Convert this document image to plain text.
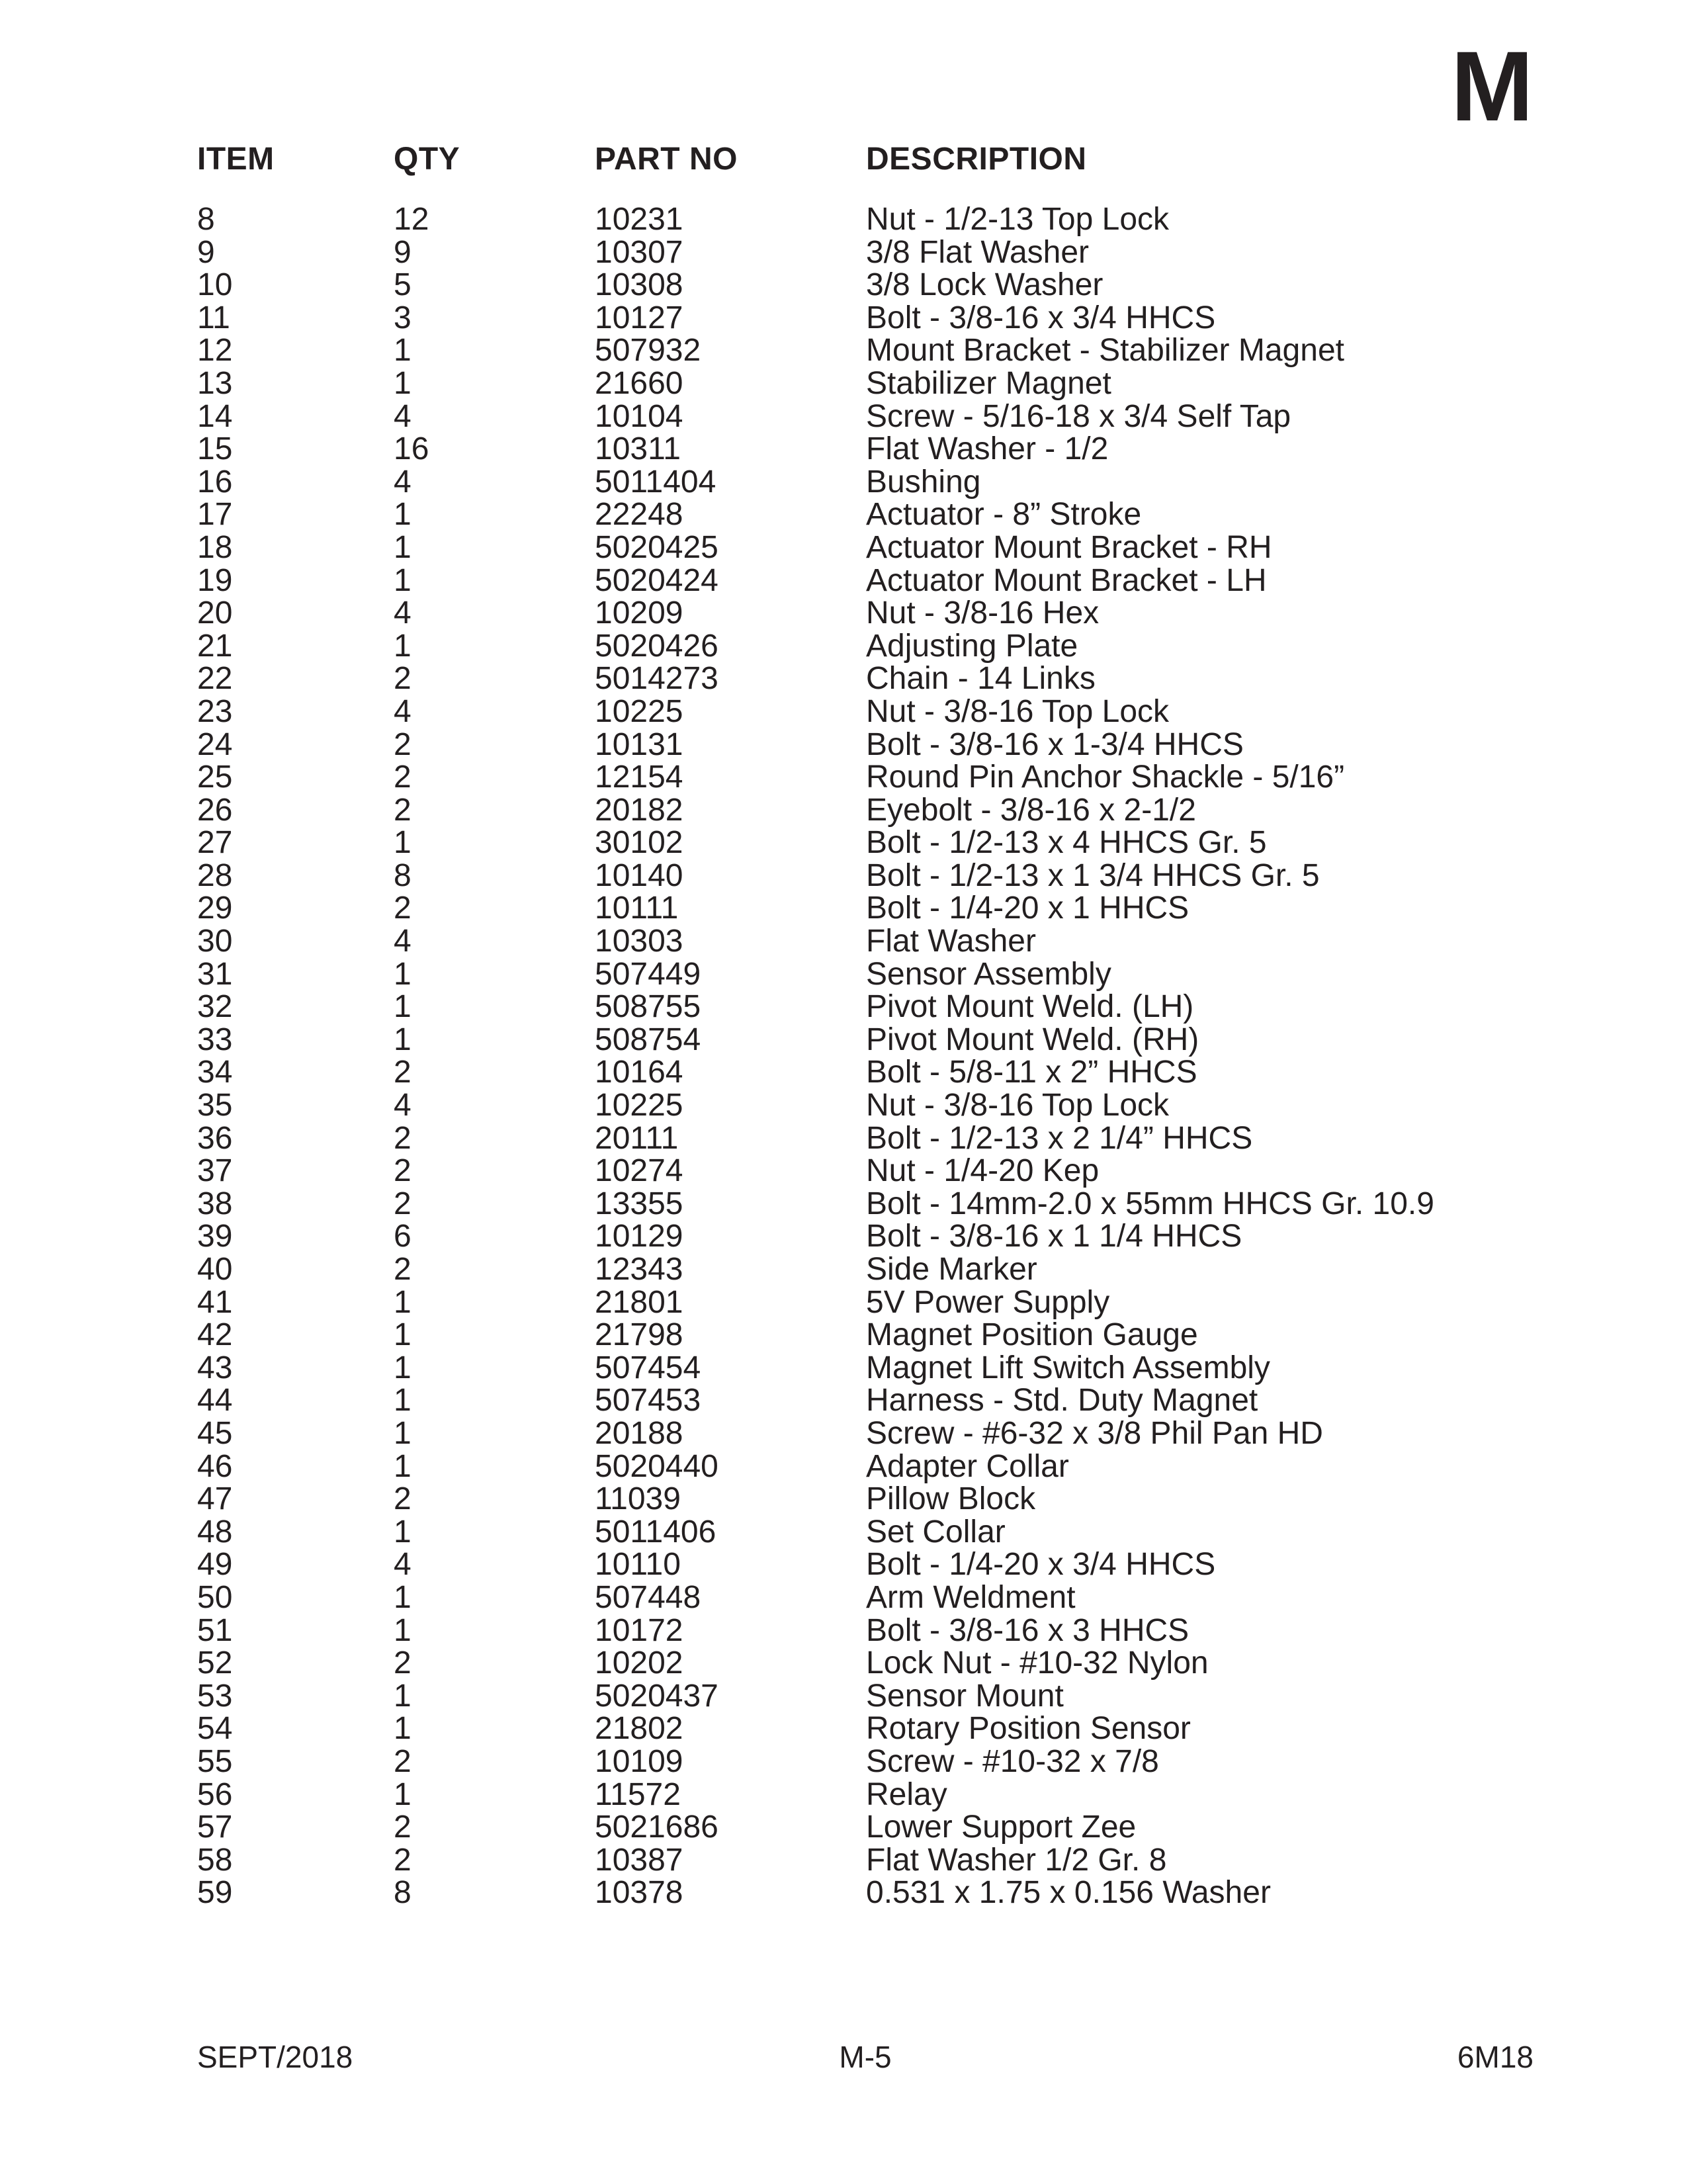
M
ITEM	QTY	PART NO	DESCRIPTION
8	12	10231	Nut - 1/2-13 Top Lock
9	9	10307	3/8 Flat Washer
10	5	10308	3/8 Lock Washer
11	3	10127	Bolt - 3/8-16 x 3/4 HHCS
12	1	507932	Mount Bracket - Stabilizer Magnet
13	1	21660	Stabilizer Magnet
14	4	10104	Screw - 5/16-18 x 3/4 Self Tap
15	16	10311	Flat Washer - 1/2
16	4	5011404	Bushing
17	1	22248	Actuator - 8” Stroke
18	1	5020425	Actuator Mount Bracket - RH
19	1	5020424	Actuator Mount Bracket - LH
20	4	10209	Nut - 3/8-16 Hex
21	1	5020426	Adjusting Plate
22	2	5014273	Chain - 14 Links
23	4	10225	Nut - 3/8-16 Top Lock
24	2	10131	Bolt - 3/8-16 x 1-3/4 HHCS
25	2	12154	Round Pin Anchor Shackle - 5/16”
26	2	20182	Eyebolt - 3/8-16 x 2-1/2
27	1	30102	Bolt - 1/2-13 x 4 HHCS Gr. 5
28	8	10140	Bolt - 1/2-13 x 1 3/4 HHCS Gr. 5
29	2	10111	Bolt - 1/4-20 x 1 HHCS
30	4	10303	Flat Washer
31	1	507449	Sensor Assembly
32	1	508755	Pivot Mount Weld. (LH)
33	1	508754	Pivot Mount Weld. (RH)
34	2	10164	Bolt - 5/8-11 x 2” HHCS
35	4	10225	Nut - 3/8-16 Top Lock
36	2	20111	Bolt - 1/2-13 x 2 1/4” HHCS
37	2	10274	Nut - 1/4-20 Kep
38	2	13355	Bolt - 14mm-2.0 x 55mm HHCS Gr. 10.9
39	6	10129	Bolt - 3/8-16 x 1 1/4 HHCS
40	2	12343	Side Marker
41	1	21801	5V Power Supply
42	1	21798	Magnet Position Gauge
43	1	507454	Magnet Lift Switch Assembly
44	1	507453	Harness - Std. Duty Magnet
45	1	20188	Screw - #6-32 x 3/8 Phil Pan HD
46	1	5020440	Adapter Collar
47	2	11039	Pillow Block
48	1	5011406	Set Collar
49	4	10110	Bolt - 1/4-20 x 3/4 HHCS
50	1	507448	Arm Weldment
51	1	10172	Bolt - 3/8-16 x 3 HHCS
52	2	10202	Lock Nut - #10-32 Nylon
53	1	5020437	Sensor Mount
54	1	21802	Rotary Position Sensor
55	2	10109	Screw - #10-32 x 7/8
56	1	11572	Relay
57	2	5021686	Lower Support Zee
58	2	10387	Flat Washer 1/2 Gr. 8
59	8	10378	0.531 x 1.75 x 0.156 Washer
SEPT/2018	M-5	6M18
